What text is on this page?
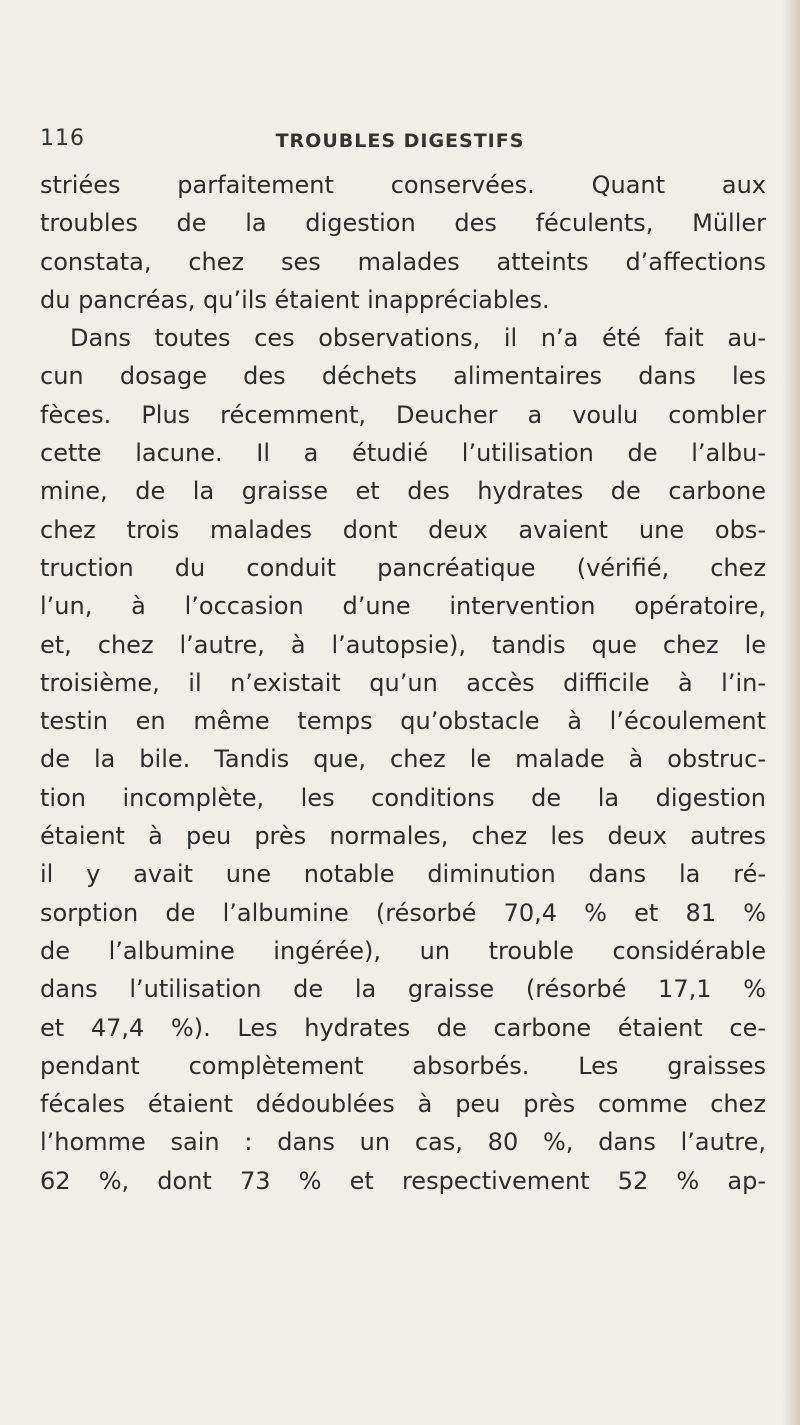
116	TROUBLES DIGESTIFS
striées parfaitement conservées. Quant aux
troubles de la digestion des féculents, Müller
constata, chez ses malades atteints d’affections
du pancréas, qu’ils étaient inappréciables.
Dans toutes ces observations, il n’a été fait au-
cun dosage des déchets alimentaires dans les
fèces. Plus récemment, Deucher a voulu combler
cette lacune. Il a étudié l’utilisation de l’albu-
mine, de la graisse et des hydrates de carbone
chez trois malades dont deux avaient une obs-
truction du conduit pancréatique (vérifié, chez
l’un, à l’occasion d’une intervention opératoire,
et, chez l’autre, à l’autopsie), tandis que chez le
troisième, il n’existait qu’un accès difficile à l’in-
testin en même temps qu’obstacle à l’écoulement
de la bile. Tandis que, chez le malade à obstruc-
tion incomplète, les conditions de la digestion
étaient à peu près normales, chez les deux autres
il y avait une notable diminution dans la ré-
sorption de l’albumine (résorbé 70,4 % et 81 %
de l’albumine ingérée), un trouble considérable
dans l’utilisation de la graisse (résorbé 17,1 %
et 47,4 %). Les hydrates de carbone étaient ce-
pendant complètement absorbés. Les graisses
fécales étaient dédoublées à peu près comme chez
l’homme sain : dans un cas, 80 %, dans l’autre,
62 %, dont 73 % et respectivement 52 % ap-
